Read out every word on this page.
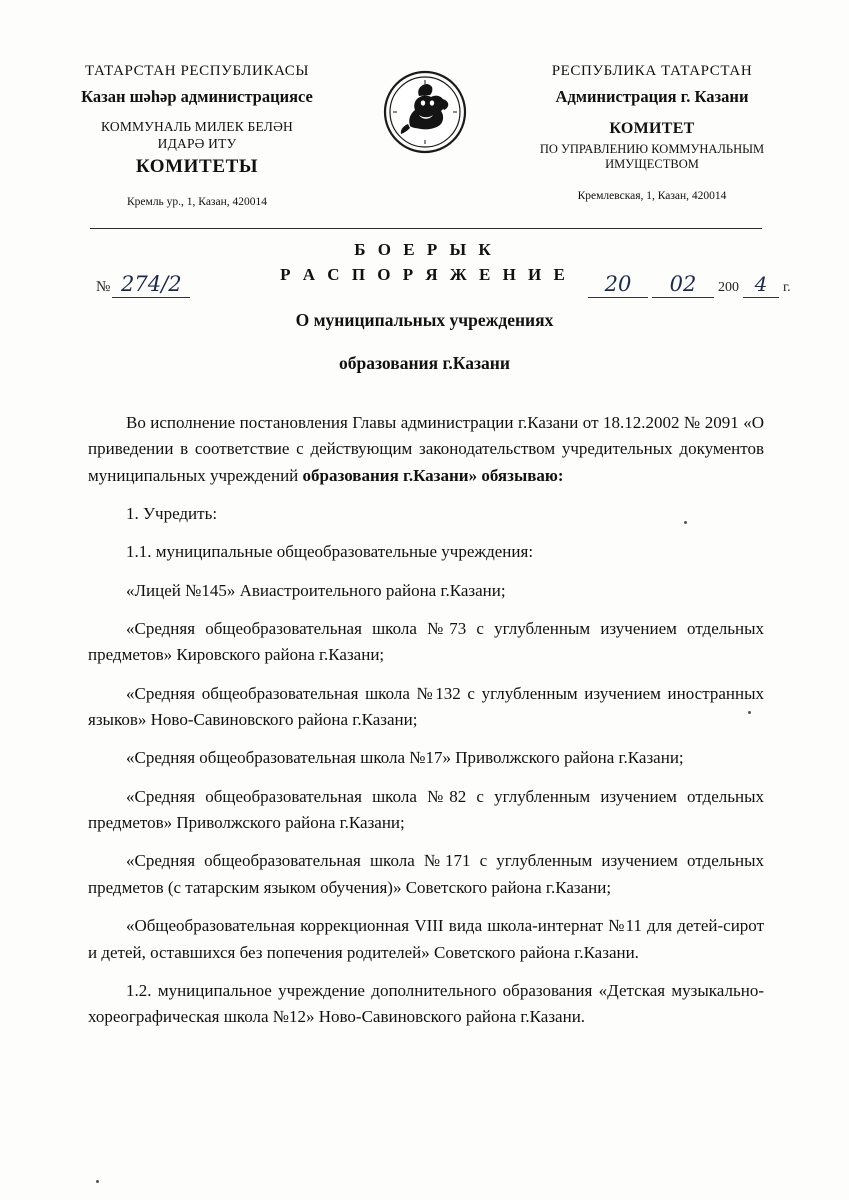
ТАТАРСТАН РЕСПУБЛИКАСЫ
Казан шәһәр администрациясе
КОММУНАЛЬ МИЛЕК БЕЛӘН
ИДАРӘ ИТУ
КОМИТЕТЫ
Кремль ур., 1, Казан, 420014
РЕСПУБЛИКА ТАТАРСТАН
Администрация г. Казани
КОМИТЕТ
ПО УПРАВЛЕНИЮ КОММУНАЛЬНЫМ
ИМУЩЕСТВОМ
Кремлевская, 1, Казан, 420014
Б О Е Р Ы К
Р А С П О Р Я Ж Е Н И Е
№ 274/2	20	02	200 4	г.
О муниципальных учреждениях
образования г.Казани

Во исполнение постановления Главы администрации г.Казани от 18.12.2002 № 2091 «О приведении в соответствие с действующим законодательством учредительных документов муниципальных учреждений образования г.Казани» обязываю:

1. Учредить:

1.1. муниципальные общеобразовательные учреждения:

«Лицей №145» Авиастроительного района г.Казани;

«Средняя общеобразовательная школа №73 с углубленным изучением отдельных предметов» Кировского района г.Казани;

«Средняя общеобразовательная школа №132 с углубленным изучением иностранных языков» Ново-Савиновского района г.Казани;

«Средняя общеобразовательная школа №17» Приволжского района г.Казани;

«Средняя общеобразовательная школа №82 с углубленным изучением отдельных предметов» Приволжского района г.Казани;

«Средняя общеобразовательная школа №171 с углубленным изучением отдельных предметов (с татарским языком обучения)» Советского района г.Казани;

«Общеобразовательная коррекционная VIII вида школа-интернат №11 для детей-сирот и детей, оставшихся без попечения родителей» Советского района г.Казани.

1.2. муниципальное учреждение дополнительного образования «Детская музыкально-хореографическая школа №12» Ново-Савиновского района г.Казани.
